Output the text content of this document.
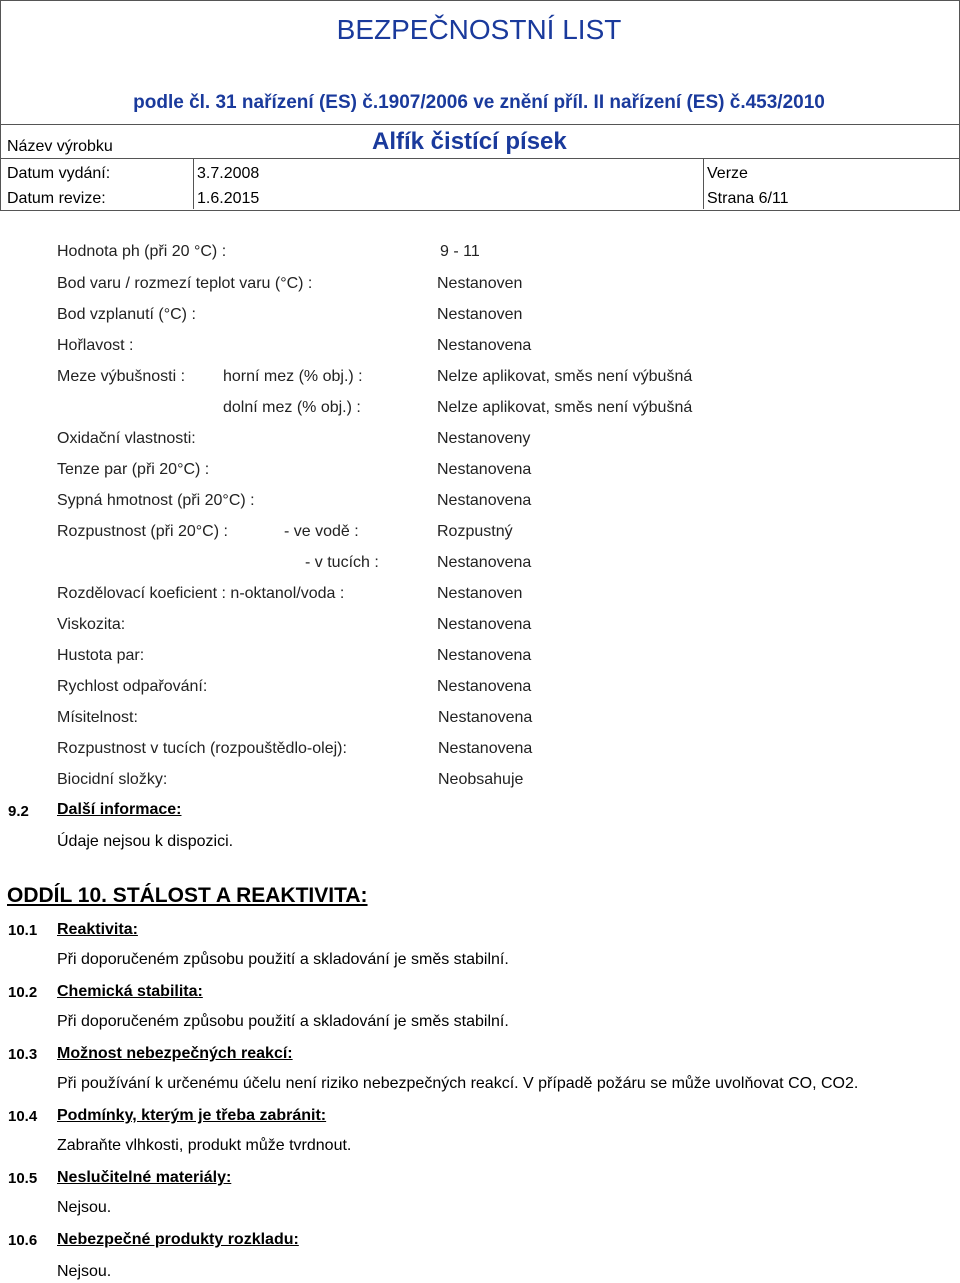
BEZPEČNOSTNÍ LIST
podle čl. 31 nařízení (ES) č.1907/2006 ve znění příl. II nařízení (ES) č.453/2010
Název výrobku	Alfík čistící písek
Datum vydání:	3.7.2008	Verze
Datum revize:	1.6.2015	Strana 6/11
Hodnota ph (při 20 °C) :	9 - 11
Bod varu / rozmezí teplot varu (°C) :	Nestanoven
Bod vzplanutí (°C) :	Nestanoven
Hořlavost :	Nestanovena
Meze výbušnosti : horní mez (% obj.) :	Nelze aplikovat, směs není výbušná
dolní mez (% obj.) :	Nelze aplikovat, směs není výbušná
Oxidační vlastnosti:	Nestanoveny
Tenze par (při 20°C) :	Nestanovena
Sypná hmotnost (při 20°C) :	Nestanovena
Rozpustnost (při 20°C) :	- ve vodě :	Rozpustný
- v tucích :	Nestanovena
Rozdělovací koeficient : n-oktanol/voda :	Nestanoven
Viskozita:	Nestanovena
Hustota par:	Nestanovena
Rychlost odpařování:	Nestanovena
Mísitelnost:	Nestanovena
Rozpustnost v tucích (rozpouštědlo-olej):	Nestanovena
Biocidní složky:	Neobsahuje
9.2 Další informace:
Údaje nejsou k dispozici.
ODDÍL 10. STÁLOST A REAKTIVITA:
10.1 Reaktivita:
Při doporučeném způsobu použití a skladování je směs stabilní.
10.2 Chemická stabilita:
Při doporučeném způsobu použití a skladování je směs stabilní.
10.3 Možnost nebezpečných reakcí:
Při používání k určenému účelu není riziko nebezpečných reakcí. V případě požáru se může uvolňovat CO, CO2.
10.4 Podmínky, kterým je třeba zabránit:
Zabraňte vlhkosti, produkt může tvrdnout.
10.5 Neslučitelné materiály:
Nejsou.
10.6 Nebezpečné produkty rozkladu:
Nejsou.
